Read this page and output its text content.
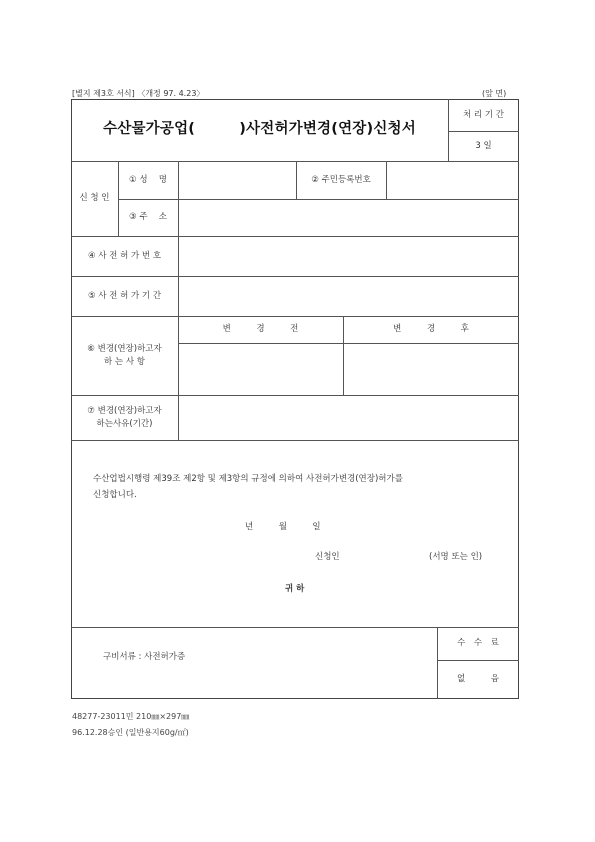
[별지 제3호 서식] 〈개정 97. 4.23〉	(앞 면)
수산물가공업(　　　)사전허가변경(연장)신청서
처 리 기 간
3 일
신 청 인
① 성　 명	② 주민등록번호
③ 주　 소
④ 사 전 허 가 번 호
⑤ 사 전 허 가 기 간
⑥ 변경(연장)하고자
하 는 사 항
변　　　경　　　전	변　　　경　　　후
⑦ 변경(연장)하고자
하는사유(기간)
수산업법시행령 제39조 제2항 및 제3항의 규정에 의하여 사전허가변경(연장)허가를
신청합니다.
년　　　월　　　일
신청인	(서명 또는 인)
귀 하
구비서류 : 사전허가증
수　수　료
없　　　음
48277-23011민 210㎜×297㎜
96.12.28승인 (일반용지60g/㎡)
